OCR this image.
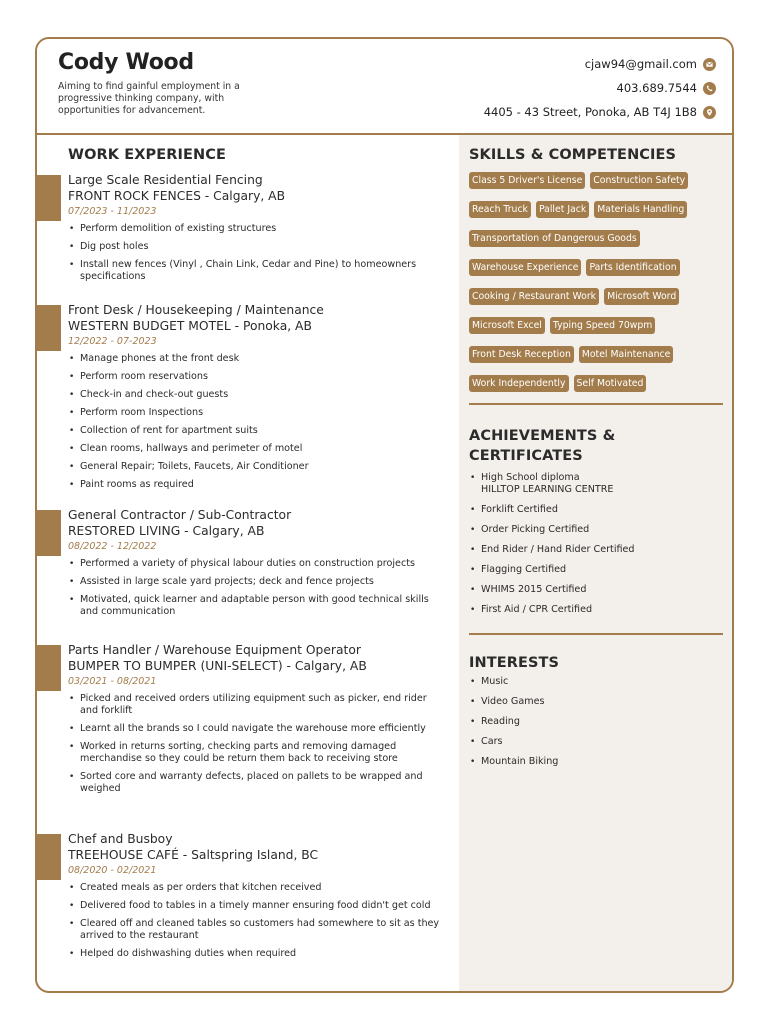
Cody Wood
Aiming to find gainful employment in a progressive thinking company, with opportunities for advancement.
cjaw94@gmail.com
403.689.7544
4405 - 43 Street, Ponoka, AB T4J 1B8
WORK EXPERIENCE
Large Scale Residential Fencing
FRONT ROCK FENCES - Calgary, AB
07/2023 - 11/2023
• Perform demolition of existing structures
• Dig post holes
• Install new fences (Vinyl , Chain Link, Cedar and Pine) to homeowners specifications
Front Desk / Housekeeping / Maintenance
WESTERN BUDGET MOTEL - Ponoka, AB
12/2022 - 07-2023
• Manage phones at the front desk
• Perform room reservations
• Check-in and check-out guests
• Perform room Inspections
• Collection of rent for apartment suits
• Clean rooms, hallways and perimeter of motel
• General Repair; Toilets, Faucets, Air Conditioner
• Paint rooms as required
General Contractor / Sub-Contractor
RESTORED LIVING - Calgary, AB
08/2022 - 12/2022
• Performed a variety of physical labour duties on construction projects
• Assisted in large scale yard projects; deck and fence projects
• Motivated, quick learner and adaptable person with good technical skills and communication
Parts Handler / Warehouse Equipment Operator
BUMPER TO BUMPER (UNI-SELECT) - Calgary, AB
03/2021 - 08/2021
• Picked and received orders utilizing equipment such as picker, end rider and forklift
• Learnt all the brands so I could navigate the warehouse more efficiently
• Worked in returns sorting, checking parts and removing damaged merchandise so they could be return them back to receiving store
• Sorted core and warranty defects, placed on pallets to be wrapped and weighed
Chef and Busboy
TREEHOUSE CAFÉ - Saltspring Island, BC
08/2020 - 02/2021
• Created meals as per orders that kitchen received
• Delivered food to tables in a timely manner ensuring food didn't get cold
• Cleared off and cleaned tables so customers had somewhere to sit as they arrived to the restaurant
• Helped do dishwashing duties when required
SKILLS & COMPETENCIES
Class 5 Driver's License	Construction Safety
Reach Truck	Pallet Jack	Materials Handling
Transportation of Dangerous Goods
Warehouse Experience	Parts Identification
Cooking / Restaurant Work	Microsoft Word
Microsoft Excel	Typing Speed 70wpm
Front Desk Reception	Motel Maintenance
Work Independently	Self Motivated
ACHIEVEMENTS &
CERTIFICATES
• High School diploma
HILLTOP LEARNING CENTRE
• Forklift Certified
• Order Picking Certified
• End Rider / Hand Rider Certified
• Flagging Certified
• WHIMS 2015 Certified
• First Aid / CPR Certified
INTERESTS
• Music
• Video Games
• Reading
• Cars
• Mountain Biking
